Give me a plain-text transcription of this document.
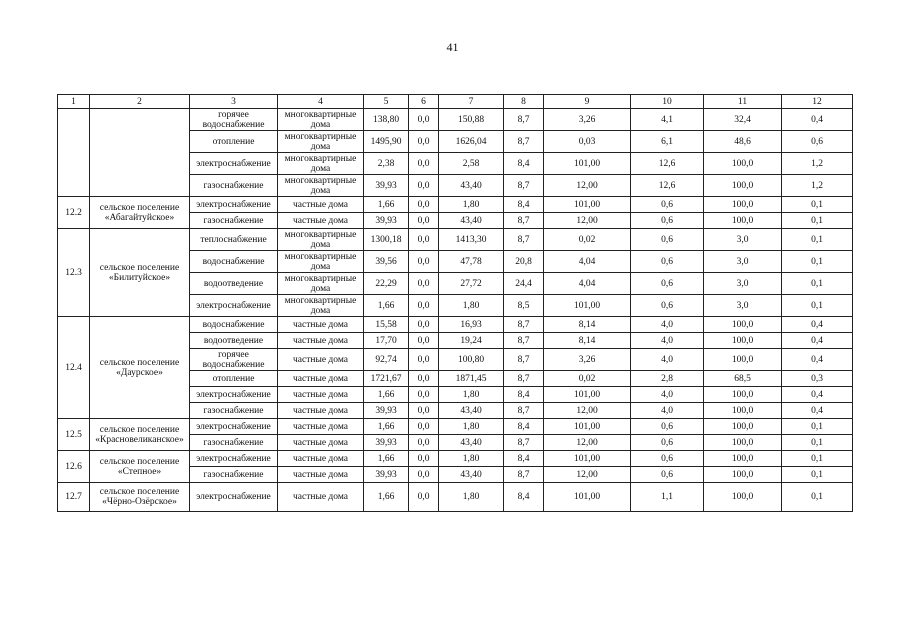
41
1	2	3	4	5	6	7	8	9	10	11	12
		горячее водоснабжение	многоквартирные дома	138,80	0,0	150,88	8,7	3,26	4,1	32,4	0,4
		отопление	многоквартирные дома	1495,90	0,0	1626,04	8,7	0,03	6,1	48,6	0,6
		электроснабжение	многоквартирные дома	2,38	0,0	2,58	8,4	101,00	12,6	100,0	1,2
		газоснабжение	многоквартирные дома	39,93	0,0	43,40	8,7	12,00	12,6	100,0	1,2
12.2	сельское поселение «Абагайтуйское»	электроснабжение	частные дома	1,66	0,0	1,80	8,4	101,00	0,6	100,0	0,1
		газоснабжение	частные дома	39,93	0,0	43,40	8,7	12,00	0,6	100,0	0,1
12.3	сельское поселение «Билитуйское»	теплоснабжение	многоквартирные дома	1300,18	0,0	1413,30	8,7	0,02	0,6	3,0	0,1
		водоснабжение	многоквартирные дома	39,56	0,0	47,78	20,8	4,04	0,6	3,0	0,1
		водоотведение	многоквартирные дома	22,29	0,0	27,72	24,4	4,04	0,6	3,0	0,1
		электроснабжение	многоквартирные дома	1,66	0,0	1,80	8,5	101,00	0,6	3,0	0,1
12.4	сельское поселение «Даурское»	водоснабжение	частные дома	15,58	0,0	16,93	8,7	8,14	4,0	100,0	0,4
		водоотведение	частные дома	17,70	0,0	19,24	8,7	8,14	4,0	100,0	0,4
		горячее водоснабжение	частные дома	92,74	0,0	100,80	8,7	3,26	4,0	100,0	0,4
		отопление	частные дома	1721,67	0,0	1871,45	8,7	0,02	2,8	68,5	0,3
		электроснабжение	частные дома	1,66	0,0	1,80	8,4	101,00	4,0	100,0	0,4
		газоснабжение	частные дома	39,93	0,0	43,40	8,7	12,00	4,0	100,0	0,4
12.5	сельское поселение «Красновеликанское»	электроснабжение	частные дома	1,66	0,0	1,80	8,4	101,00	0,6	100,0	0,1
		газоснабжение	частные дома	39,93	0,0	43,40	8,7	12,00	0,6	100,0	0,1
12.6	сельское поселение «Степное»	электроснабжение	частные дома	1,66	0,0	1,80	8,4	101,00	0,6	100,0	0,1
		газоснабжение	частные дома	39,93	0,0	43,40	8,7	12,00	0,6	100,0	0,1
12.7	сельское поселение «Чёрно-Озёрское»	электроснабжение	частные дома	1,66	0,0	1,80	8,4	101,00	1,1	100,0	0,1
